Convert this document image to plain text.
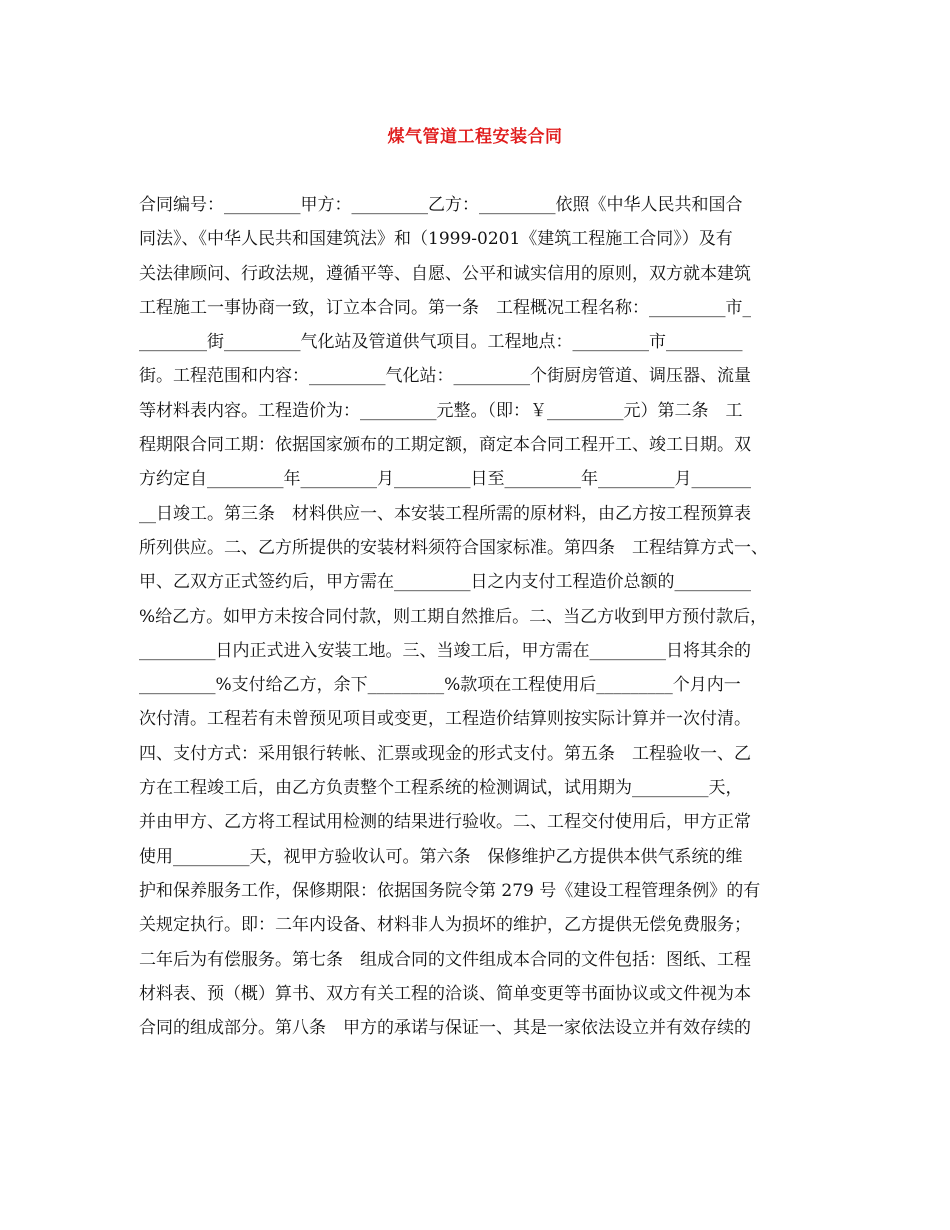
煤气管道工程安装合同
合同编号：_________甲方：_________乙方：_________依照《中华人民共和国合
同法》、《中华人民共和国建筑法》和（1999-0201《建筑工程施工合同》）及有
关法律顾问、行政法规，遵循平等、自愿、公平和诚实信用的原则，双方就本建筑
工程施工一事协商一致，订立本合同。第一条　工程概况工程名称：_________市_
________街_________气化站及管道供气项目。工程地点：_________市_________
街。工程范围和内容：_________气化站：_________个街厨房管道、调压器、流量
等材料表内容。工程造价为：_________元整。（即：￥_________元）第二条　工
程期限合同工期：依据国家颁布的工期定额，商定本合同工程开工、竣工日期。双
方约定自_________年_________月_________日至_________年_________月_______
__日竣工。第三条　材料供应一、本安装工程所需的原材料，由乙方按工程预算表
所列供应。二、乙方所提供的安装材料须符合国家标准。第四条　工程结算方式一、
甲、乙双方正式签约后，甲方需在_________日之内支付工程造价总额的_________
%给乙方。如甲方未按合同付款，则工期自然推后。二、当乙方收到甲方预付款后，
_________日内正式进入安装工地。三、当竣工后，甲方需在_________日将其余的
_________%支付给乙方，余下_________%款项在工程使用后_________个月内一
次付清。工程若有未曾预见项目或变更，工程造价结算则按实际计算并一次付清。
四、支付方式：采用银行转帐、汇票或现金的形式支付。第五条　工程验收一、乙
方在工程竣工后，由乙方负责整个工程系统的检测调试，试用期为_________天，
并由甲方、乙方将工程试用检测的结果进行验收。二、工程交付使用后，甲方正常
使用_________天，视甲方验收认可。第六条　保修维护乙方提供本供气系统的维
护和保养服务工作，保修期限：依据国务院令第 279 号《建设工程管理条例》的有
关规定执行。即：二年内设备、材料非人为损坏的维护，乙方提供无偿免费服务；
二年后为有偿服务。第七条　组成合同的文件组成本合同的文件包括：图纸、工程
材料表、预（概）算书、双方有关工程的洽谈、简单变更等书面协议或文件视为本
合同的组成部分。第八条　甲方的承诺与保证一、其是一家依法设立并有效存续的
